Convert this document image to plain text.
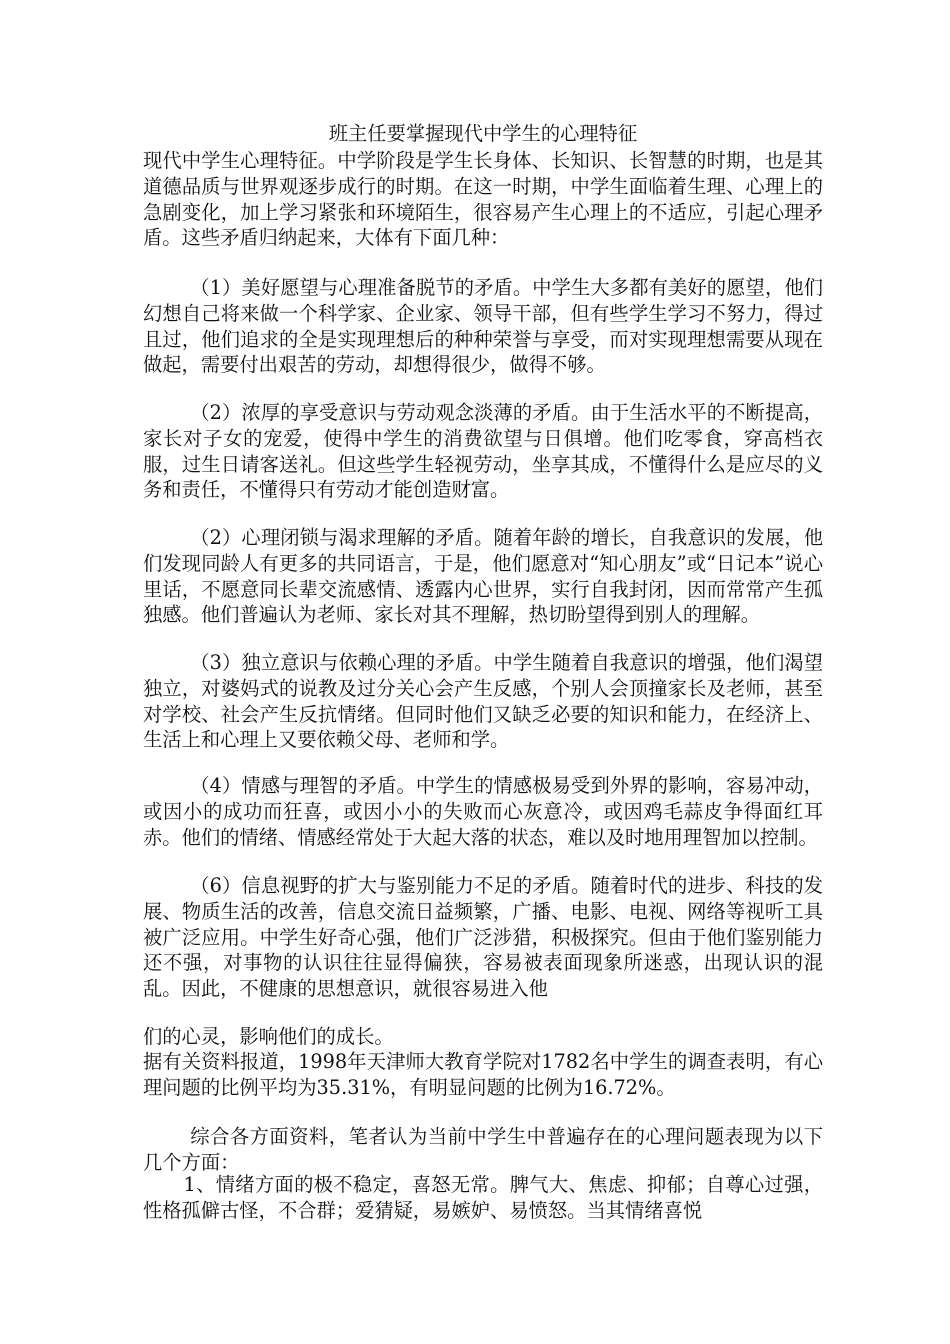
班主任要掌握现代中学生的心理特征

现代中学生心理特征。中学阶段是学生长身体、长知识、长智慧的时期，也是其道德品质与世界观逐步成行的时期。在这一时期，中学生面临着生理、心理上的急剧变化，加上学习紧张和环境陌生，很容易产生心理上的不适应，引起心理矛盾。这些矛盾归纳起来，大体有下面几种：

（1）美好愿望与心理准备脱节的矛盾。中学生大多都有美好的愿望，他们幻想自己将来做一个科学家、企业家、领导干部，但有些学生学习不努力，得过且过，他们追求的全是实现理想后的种种荣誉与享受，而对实现理想需要从现在做起，需要付出艰苦的劳动，却想得很少，做得不够。

（2）浓厚的享受意识与劳动观念淡薄的矛盾。由于生活水平的不断提高，家长对子女的宠爱，使得中学生的消费欲望与日俱增。他们吃零食，穿高档衣服，过生日请客送礼。但这些学生轻视劳动，坐享其成，不懂得什么是应尽的义务和责任，不懂得只有劳动才能创造财富。

（2）心理闭锁与渴求理解的矛盾。随着年龄的增长，自我意识的发展，他们发现同龄人有更多的共同语言，于是，他们愿意对“知心朋友”或“日记本”说心里话，不愿意同长辈交流感情、透露内心世界，实行自我封闭，因而常常产生孤独感。他们普遍认为老师、家长对其不理解，热切盼望得到别人的理解。

（3）独立意识与依赖心理的矛盾。中学生随着自我意识的增强，他们渴望独立，对婆妈式的说教及过分关心会产生反感，个别人会顶撞家长及老师，甚至对学校、社会产生反抗情绪。但同时他们又缺乏必要的知识和能力，在经济上、生活上和心理上又要依赖父母、老师和学。

（4）情感与理智的矛盾。中学生的情感极易受到外界的影响，容易冲动，或因小的成功而狂喜，或因小小的失败而心灰意冷，或因鸡毛蒜皮争得面红耳赤。他们的情绪、情感经常处于大起大落的状态，难以及时地用理智加以控制。

（6）信息视野的扩大与鉴别能力不足的矛盾。随着时代的进步、科技的发展、物质生活的改善，信息交流日益频繁，广播、电影、电视、网络等视听工具被广泛应用。中学生好奇心强，他们广泛涉猎，积极探究。但由于他们鉴别能力还不强，对事物的认识往往显得偏狭，容易被表面现象所迷惑，出现认识的混乱。因此，不健康的思想意识，就很容易进入他

们的心灵，影响他们的成长。

据有关资料报道，1998年天津师大教育学院对1782名中学生的调查表明，有心理问题的比例平均为35.31%，有明显问题的比例为16.72%。

综合各方面资料，笔者认为当前中学生中普遍存在的心理问题表现为以下几个方面：

1、情绪方面的极不稳定，喜怒无常。脾气大、焦虑、抑郁；自尊心过强，性格孤僻古怪，不合群；爱猜疑，易嫉妒、易愤怒。当其情绪喜悦
